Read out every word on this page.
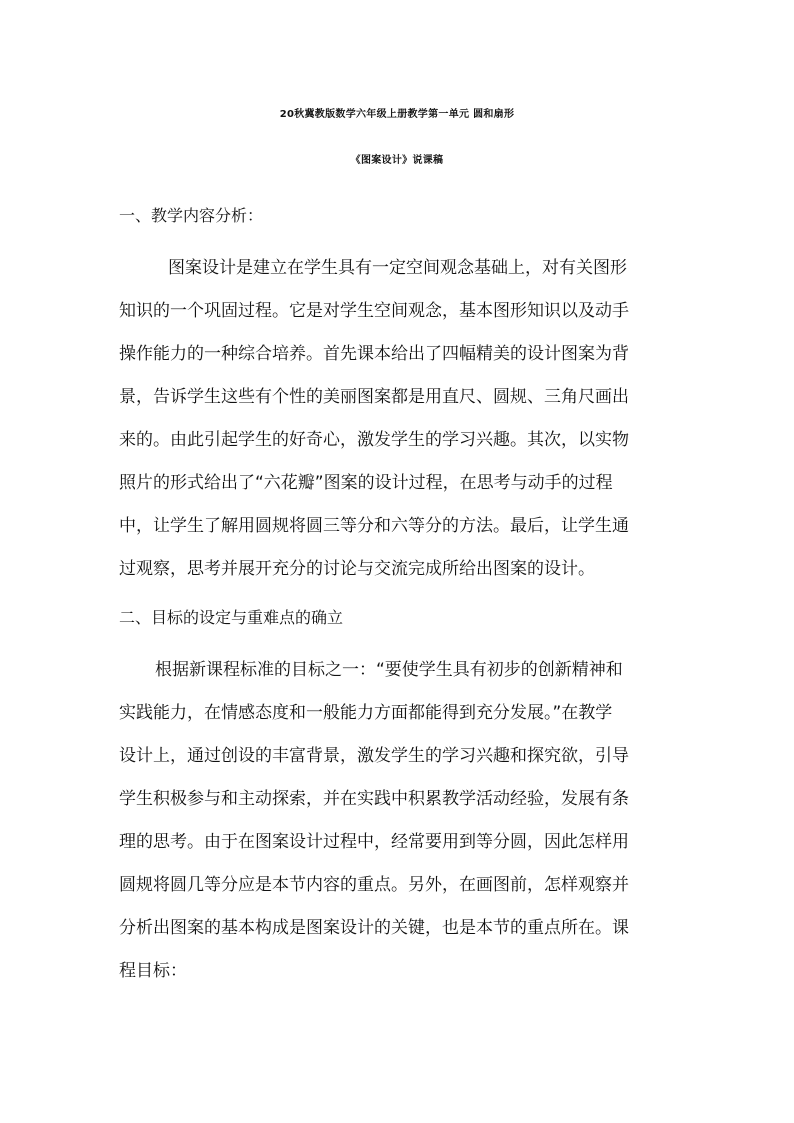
20秋冀教版数学六年级上册教学第一单元 圆和扇形
《图案设计》说课稿
一、教学内容分析：
图案设计是建立在学生具有一定空间观念基础上，对有关图形
知识的一个巩固过程。它是对学生空间观念，基本图形知识以及动手
操作能力的一种综合培养。首先课本给出了四幅精美的设计图案为背
景，告诉学生这些有个性的美丽图案都是用直尺、圆规、三角尺画出
来的。由此引起学生的好奇心，激发学生的学习兴趣。其次，以实物
照片的形式给出了“六花瓣”图案的设计过程，在思考与动手的过程
中，让学生了解用圆规将圆三等分和六等分的方法。最后，让学生通
过观察，思考并展开充分的讨论与交流完成所给出图案的设计。
二、目标的设定与重难点的确立
根据新课程标准的目标之一：“要使学生具有初步的创新精神和
实践能力，在情感态度和一般能力方面都能得到充分发展。”在教学
设计上，通过创设的丰富背景，激发学生的学习兴趣和探究欲，引导
学生积极参与和主动探索，并在实践中积累教学活动经验，发展有条
理的思考。由于在图案设计过程中，经常要用到等分圆，因此怎样用
圆规将圆几等分应是本节内容的重点。另外，在画图前，怎样观察并
分析出图案的基本构成是图案设计的关键，也是本节的重点所在。课
程目标：
